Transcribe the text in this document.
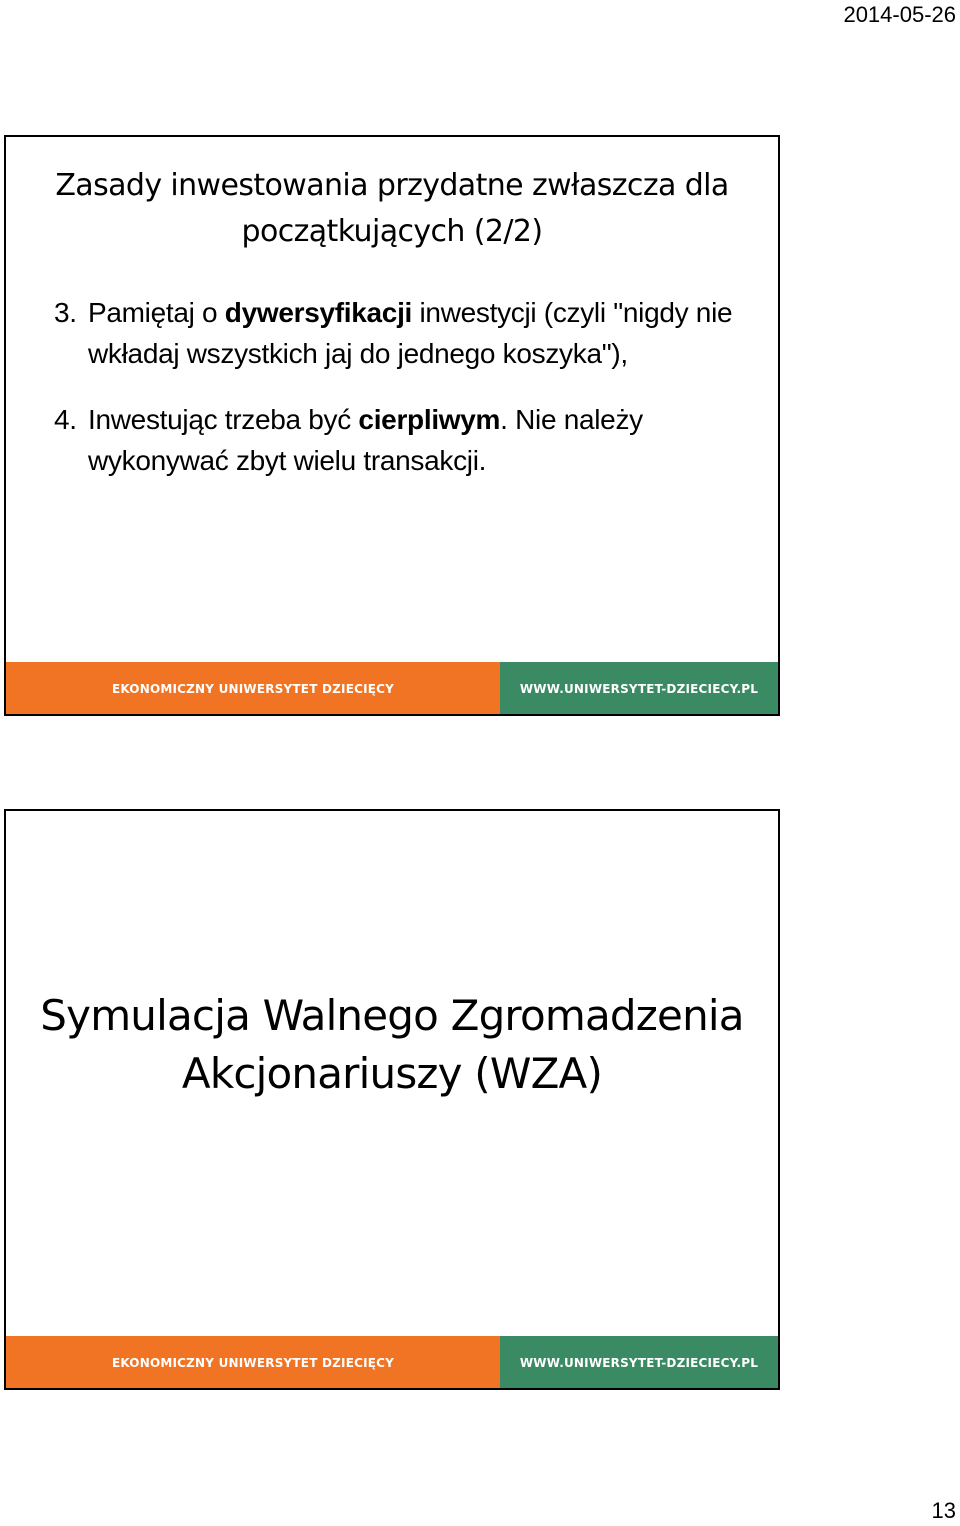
2014-05-26
Zasady inwestowania przydatne zwłaszcza dla
początkujących (2/2)
3. Pamiętaj o dywersyfikacji inwestycji (czyli "nigdy nie wkładaj wszystkich jaj do jednego koszyka"),
4. Inwestując trzeba być cierpliwym. Nie należy wykonywać zbyt wielu transakcji.
EKONOMICZNY UNIWERSYTET DZIECIĘCY	WWW.UNIWERSYTET-DZIECIECY.PL
Symulacja Walnego Zgromadzenia
Akcjonariuszy (WZA)
EKONOMICZNY UNIWERSYTET DZIECIĘCY	WWW.UNIWERSYTET-DZIECIECY.PL
13
